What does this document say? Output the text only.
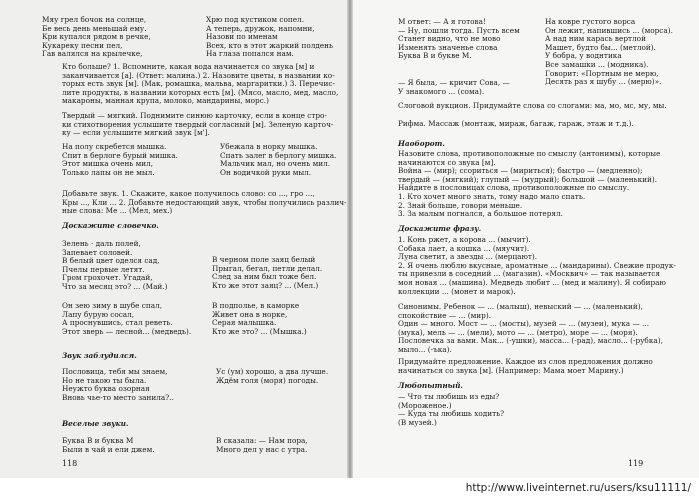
Мяу грел бочок на солнце,
Бе весь день меньшай ему.
Кри купался рядом в речке,
Кукареку песни пел,
Гав валялся на крылечке,
Хрю под кустиком сопел.
А теперь, дружок, напомни,
Назови по именам
Всех, кто в этот жаркий полдень
На глаза попался нам.
Кто больше? 1. Вспомните, какая вода начинается со звука [м] и
заканчивается [а]. (Ответ: малина.) 2. Назовите цветы, в названии ко-
торых есть звук [м]. (Мак, ромашка, мальва, маргаритки.) 3. Перечис-
лите продукты, в названии которых есть [м]. (Мясо, масло, мед, масло,
макароны, манная крупа, молоко, мандарины, морс.)
Твердый — мягкий. Поднимите синюю карточку, если в конце стро-
ки стихотворения услышите твердый согласный [м]. Зеленую карточ-
ку — если услышите мягкий звук [м'].
На полу скребется мышка.
Спит в берлоге бурый мишка.
Этот мишка очень мил,
Только лапы он не мыл.
Убежала в норку мышка.
Спать залег в берлогу мишка.
Мальчик мал, но очень мил.
Он водичкой руки мыл.
Добавьте звук. 1. Скажите, какое получилось слово: со ..., гро ...,
Кры ..., Кли ... 2. Добавьте недостающий звук, чтобы получились различ-
ные слова: Ме ... (Мел, мех.)
Доскажите словечко.
Зелень · даль полей,
Запевает соловей.
В белый цвет оделся сад,
Пчелы первые летят.
Гром грохочет. Угадай,
Что за месяц это? ... (Май.)
В черном поле заяц белый
Прыгал, бегал, петли делал.
След за ним был тоже бел.
Кто же этот заяц? ... (Мел.)
Он зею зиму в шубе спал,
Лапу бурую сосал,
А проснувшись, стал реветь.
Этот зверь — лесной... (медведь).
В подполье, в каморке
Живет она в норке,
Серая малышка.
Кто же это? ... (Мышка.)
Звук заблудился.
Пословица, тебя мы знаем,
Но не такою ты была.
Неужто буква озорная
Вновь чье-то место занила?..
Ус (ум) хорошо, а два лучше.
Ждём голя (моря) погоды.
Веселые звуки.
Буква В и буква М
Были в чай и ели джем.
В сказала: — Нам пора,
Много дел у нас с утра.
118
М ответ: — А я готова!
— Ну, пошли тогда. Пусть всем
Станет видно, что не мово
Изменять значенье слова
Буква В и букве М.
На ковре густого ворса
Он лежит, напившись ... (морса).
А над ним карась вертлой
Машет, будто бы... (метлой).
У бобра, у воднтика
Все замашки ... (модника).
Говорит: «Портным не мерю,
Десять раз я шубу ... (мерю)».
— Я была, — кричит Сова, —
У знакомого ... (сома).
Слоговой вукцион. Придумайте слова со слогами: ма, мо, мс, му, мы.
Рифма. Массаж (монтаж, мираж, багаж, гараж, этаж и т.д.).
Наоборот.
Назовите слова, противоположные по смыслу (антонимы), которые
начинаются со звука [м].
Война — (мир); ссориться — (мириться); быстро — (медленно);
твердый — (мягкий); глупый — (мудрый); большой — (маленький).
Найдите в пословицах слова, противоположные по смыслу.
1. Кто хочет много знать, тому надо мало спать.
2. Знай больше, говори меньше.
3. За малым погнался, а большое потерял.
Доскажите фразу.
1. Конь ржет, а корова ... (мычит).
Собака лает, а кошка ... (мяучит).
Луна светит, а звезды ... (мерцают).
2. Я очень люблю вкусные, ароматные ... (мандарины). Свежие продук-
ты привезли в соседний ... (магазин). «Москвич» — так называется
моя новая ... (машина). Медведь любит ... (мед и малину). Я собираю
коллекции ... (монет и марок).
Синонимы. Ребенок — ... (малыш), невыский — ... (маленький),
спокойствие — ... (мир).
Один — много. Мост — ... (мосты), музей — ... (музеи), мука — ...
(мука), мель — ... (мели), мото — ... (метро), море — ... (моря).
Пословечка за вами. Мак... (-ушки), масса... (-рад), масло... (-рубка),
мыло... (-ъка).
Придумайте предложение. Каждое из слов предложения должно
начинаться со звука [м]. (Например: Мама моет Марину.)
Любопытный.
— Что ты любишь из еды?
(Мороженое.)
— Куда ты любишь ходить?
(В музей.)
119
http://www.liveinternet.ru/users/ksu11111/
